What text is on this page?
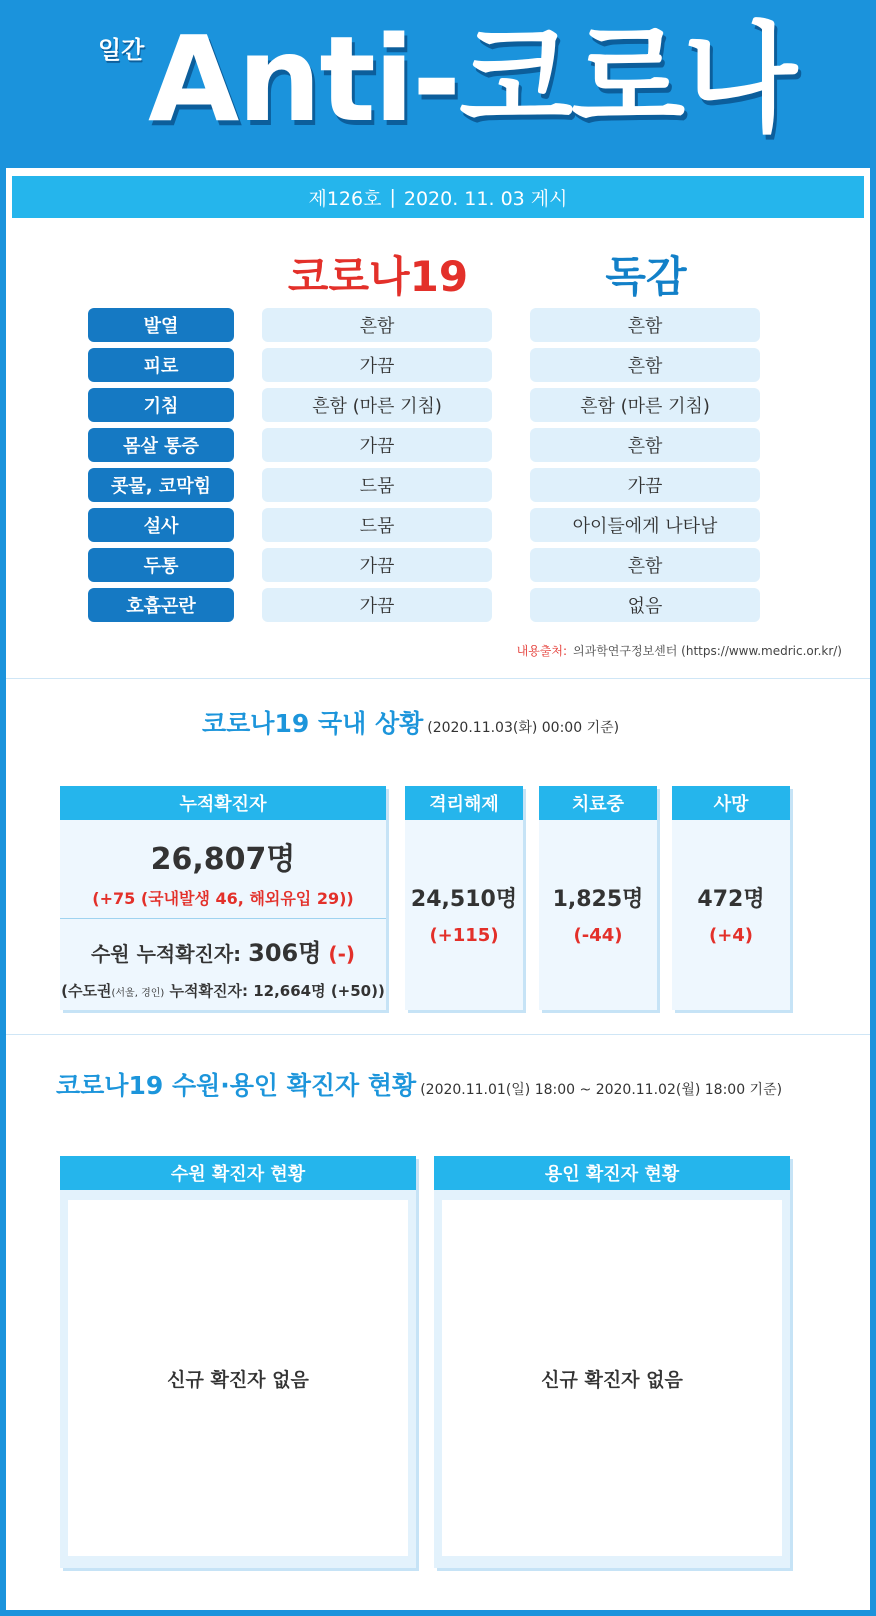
일간 Anti-코로나
제126호 | 2020. 11. 03 게시
코로나19	독감
발열	흔함	흔함
피로	가끔	흔함
기침	흔함 (마른 기침)	흔함 (마른 기침)
몸살 통증	가끔	흔함
콧물, 코막힘	드뭄	가끔
설사	드뭄	아이들에게 나타남
두통	가끔	흔함
호흡곤란	가끔	없음
내용출처: 의과학연구정보센터 (https://www.medric.or.kr/)
코로나19 국내 상황 (2020.11.03(화) 00:00 기준)
누적확진자
26,807명
(+75 (국내발생 46, 해외유입 29))
수원 누적확진자: 306명 (-)
(수도권(서울, 경인) 누적확진자: 12,664명 (+50))
격리해제
24,510명
(+115)
치료중
1,825명
(-44)
사망
472명
(+4)
코로나19 수원·용인 확진자 현황 (2020.11.01(일) 18:00 ~ 2020.11.02(월) 18:00 기준)
수원 확진자 현황
신규 확진자 없음
용인 확진자 현황
신규 확진자 없음
